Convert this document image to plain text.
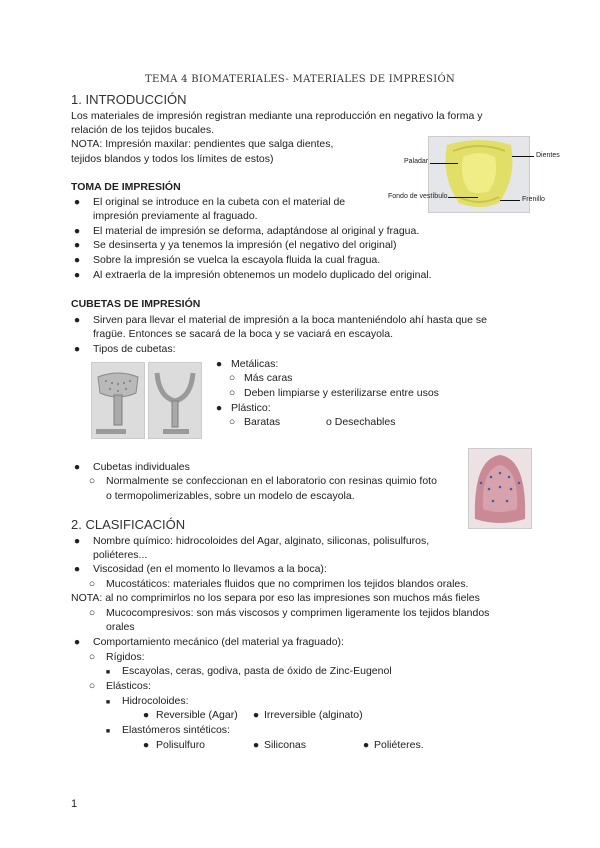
TEMA 4 BIOMATERIALES- MATERIALES DE IMPRESIÓN
1. INTRODUCCIÓN
Los materiales de impresión registran mediante una reproducción en negativo la forma y
relación de los tejidos bucales.
NOTA: Impresión maxilar: pendientes que salga dientes,
tejidos blandos y todos los límites de estos)	Paladar
Dientes
Fondo de vestíbulo	Frenillo
TOMA DE IMPRESIÓN
● El original se introduce en la cubeta con el material de
impresión previamente al fraguado.
● El material de impresión se deforma, adaptándose al original y fragua.
● Se desinserta y ya tenemos la impresión (el negativo del original)
● Sobre la impresión se vuelca la escayola fluida la cual fragua.
● Al extraerla de la impresión obtenemos un modelo duplicado del original.
CUBETAS DE IMPRESIÓN
● Sirven para llevar el material de impresión a la boca manteniéndolo ahí hasta que se
fragüe. Entonces se sacará de la boca y se vaciará en escayola.
● Tipos de cubetas:
● Metálicas:
○ Más caras
○ Deben limpiarse y esterilizarse entre usos
● Plástico:
○ Baratas	o Desechables
● Cubetas individuales
○ Normalmente se confeccionan en el laboratorio con resinas quimio foto
o termopolimerizables, sobre un modelo de escayola.
2. CLASIFICACIÓN
● Nombre químico: hidrocoloides del Agar, alginato, siliconas, polisulfuros,
poliéteres...
● Viscosidad (en el momento lo llevamos a la boca):
○ Mucostáticos: materiales fluidos que no comprimen los tejidos blandos orales.
NOTA: al no comprimirlos no los separa por eso las impresiones son muchos más fieles
○ Mucocompresivos: son más viscosos y comprimen ligeramente los tejidos blandos
orales
● Comportamiento mecánico (del material ya fraguado):
○ Rígidos:
■ Escayolas, ceras, godiva, pasta de óxido de Zinc-Eugenol
○ Elásticos:
■ Hidrocoloides:
● Reversible (Agar) ● Irreversible (alginato)
■ Elastómeros sintéticos:
● Polisulfuro	● Siliconas	● Poliéteres.
1
